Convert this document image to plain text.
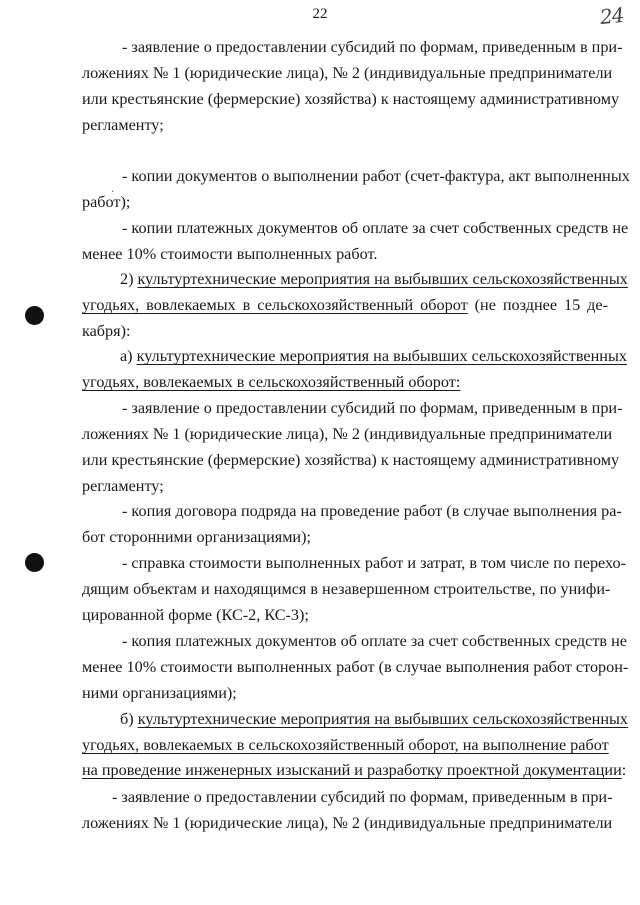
22	24
.
- заявление о предоставлении субсидий по формам, приведенным в при-
ложениях № 1 (юридические лица), № 2 (индивидуальные предприниматели
или крестьянские (фермерские) хозяйства) к настоящему административному
регламенту;
- копии документов о выполнении работ (счет-фактура, акт выполненных
работ);
- копии платежных документов об оплате за счет собственных средств не
менее 10% стоимости выполненных работ.
2) культуртехнические мероприятия на выбывших сельскохозяйственных
угодьях, вовлекаемых в сельскохозяйственный оборот (не позднее 15 де-
кабря):
а) культуртехнические мероприятия на выбывших сельскохозяйственных
угодьях, вовлекаемых в сельскохозяйственный оборот:
- заявление о предоставлении субсидий по формам, приведенным в при-
ложениях № 1 (юридические лица), № 2 (индивидуальные предприниматели
или крестьянские (фермерские) хозяйства) к настоящему административному
регламенту;
- копия договора подряда на проведение работ (в случае выполнения ра-
бот сторонними организациями);
- справка стоимости выполненных работ и затрат, в том числе по перехо-
дящим объектам и находящимся в незавершенном строительстве, по унифи-
цированной форме (КС-2, КС-3);
- копия платежных документов об оплате за счет собственных средств не
менее 10% стоимости выполненных работ (в случае выполнения работ сторон-
ними организациями);
б) культуртехнические мероприятия на выбывших сельскохозяйственных
угодьях, вовлекаемых в сельскохозяйственный оборот, на выполнение работ
на проведение инженерных изысканий и разработку проектной документации:
- заявление о предоставлении субсидий по формам, приведенным в при-
ложениях № 1 (юридические лица), № 2 (индивидуальные предприниматели
